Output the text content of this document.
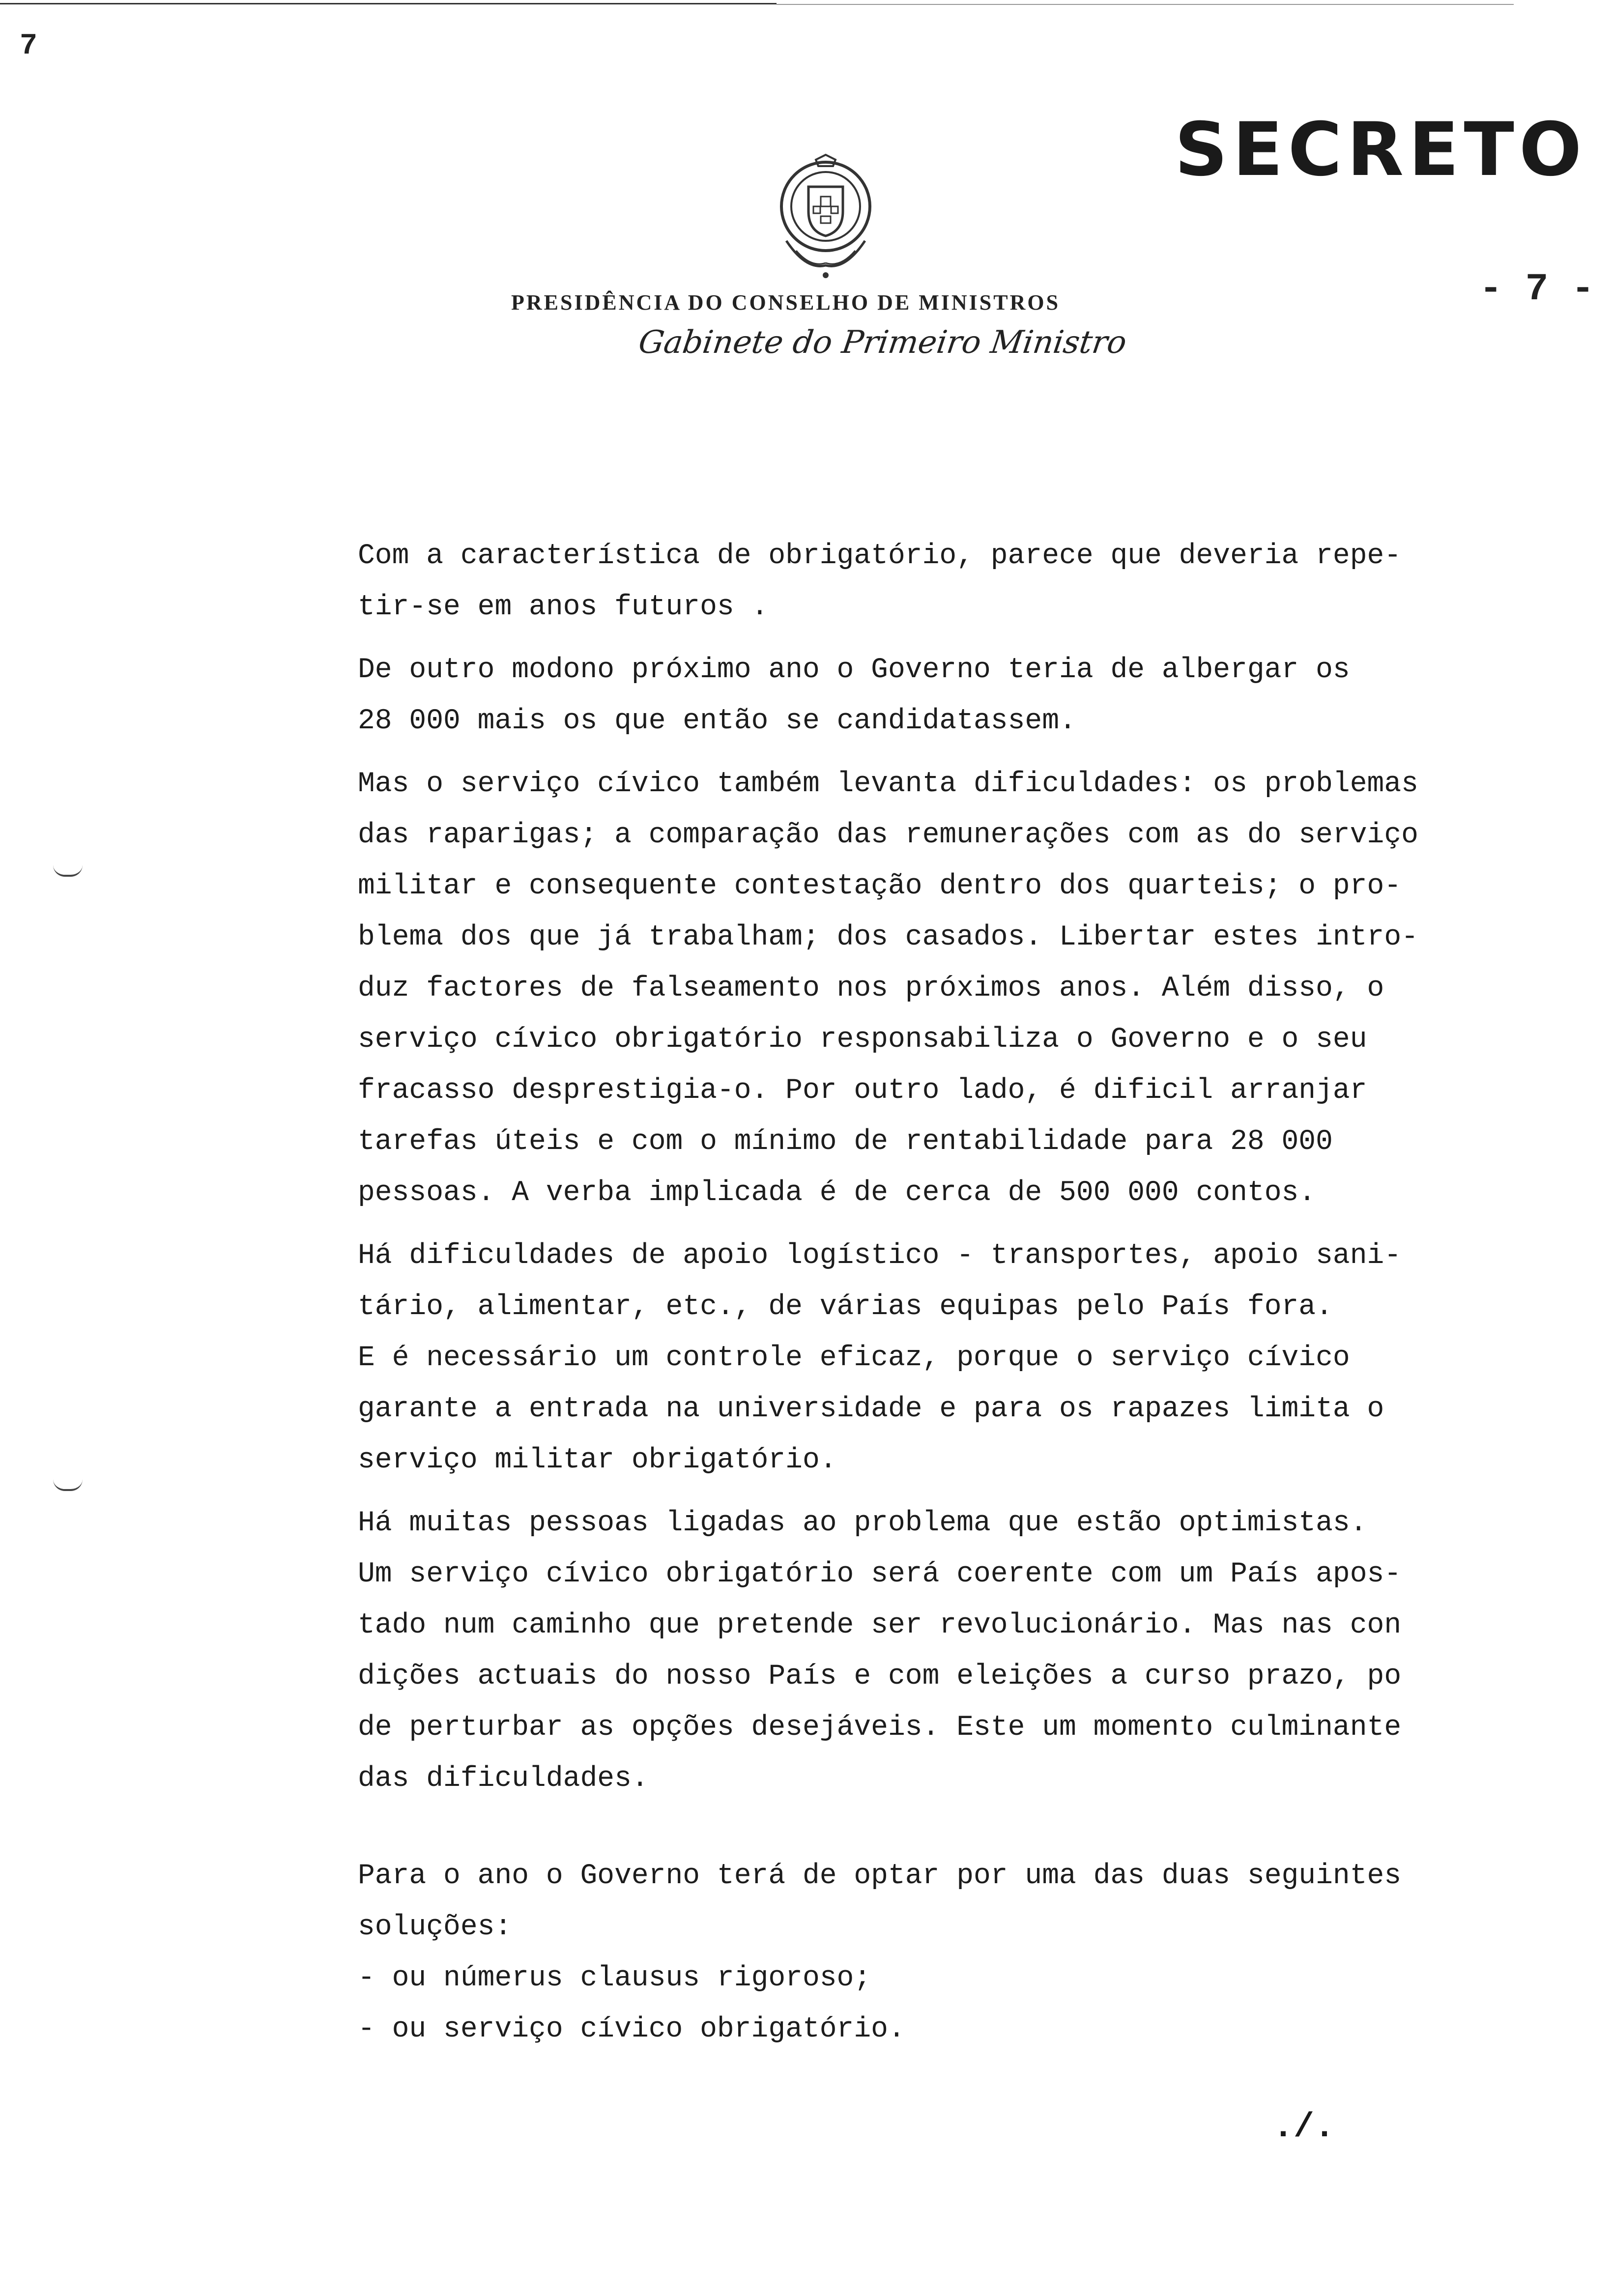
7
SECRETO
- 7 -
PRESIDÊNCIA DO CONSELHO DE MINISTROS
Gabinete do Primeiro Ministro
Com a característica de obrigatório, parece que deveria repe-
tir-se em anos futuros .
De outro modono próximo ano o Governo teria de albergar os
28 000 mais os que então se candidatassem.
Mas o serviço cívico também levanta dificuldades: os problemas
das raparigas; a comparação das remunerações com as do serviço
militar e consequente contestação dentro dos quarteis; o pro-
blema dos que já trabalham; dos casados. Libertar estes intro-
duz factores de falseamento nos próximos anos. Além disso, o
serviço cívico obrigatório responsabiliza o Governo e o seu
fracasso desprestigia-o. Por outro lado, é dificil arranjar
tarefas úteis e com o mínimo de rentabilidade para 28 000
pessoas. A verba implicada é de cerca de 500 000 contos.
Há dificuldades de apoio logístico - transportes, apoio sani-
tário, alimentar, etc., de várias equipas pelo País fora.
E é necessário um controle eficaz, porque o serviço cívico
garante a entrada na universidade e para os rapazes limita o
serviço militar obrigatório.
Há muitas pessoas ligadas ao problema que estão optimistas.
Um serviço cívico obrigatório será coerente com um País apos-
tado num caminho que pretende ser revolucionário. Mas nas con
dições actuais do nosso País e com eleições a curso prazo, po
de perturbar as opções desejáveis. Este um momento culminante
das dificuldades.
Para o ano o Governo terá de optar por uma das duas seguintes
soluções:
- ou númerus clausus rigoroso;
- ou serviço cívico obrigatório.
./.
